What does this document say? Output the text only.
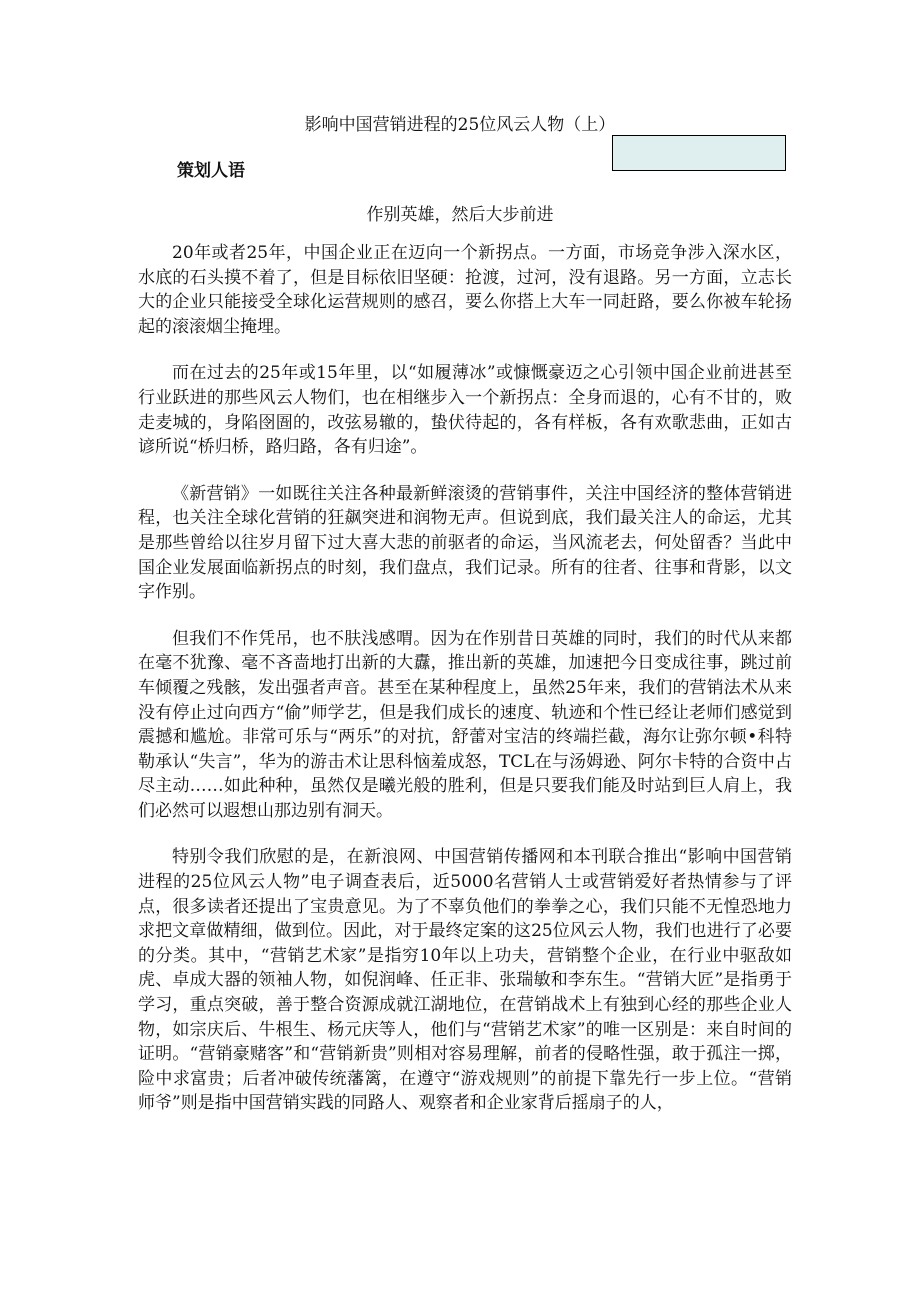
影响中国营销进程的25位风云人物（上）
策划人语
作别英雄，然后大步前进

20年或者25年，中国企业正在迈向一个新拐点。一方面，市场竞争涉入深水区，水底的石头摸不着了，但是目标依旧坚硬：抢渡，过河，没有退路。另一方面，立志长大的企业只能接受全球化运营规则的感召，要么你搭上大车一同赶路，要么你被车轮扬起的滚滚烟尘掩埋。

而在过去的25年或15年里，以“如履薄冰”或慷慨豪迈之心引领中国企业前进甚至行业跃进的那些风云人物们，也在相继步入一个新拐点：全身而退的，心有不甘的，败走麦城的，身陷囹圄的，改弦易辙的，蛰伏待起的，各有样板，各有欢歌悲曲，正如古谚所说“桥归桥，路归路，各有归途”。

《新营销》一如既往关注各种最新鲜滚烫的营销事件，关注中国经济的整体营销进程，也关注全球化营销的狂飙突进和润物无声。但说到底，我们最关注人的命运，尤其是那些曾给以往岁月留下过大喜大悲的前驱者的命运，当风流老去，何处留香？当此中国企业发展面临新拐点的时刻，我们盘点，我们记录。所有的往者、往事和背影，以文字作别。

但我们不作凭吊，也不肤浅感喟。因为在作别昔日英雄的同时，我们的时代从来都在毫不犹豫、毫不吝啬地打出新的大纛，推出新的英雄，加速把今日变成往事，跳过前车倾覆之残骸，发出强者声音。甚至在某种程度上，虽然25年来，我们的营销法术从来没有停止过向西方“偷”师学艺，但是我们成长的速度、轨迹和个性已经让老师们感觉到震撼和尴尬。非常可乐与“两乐”的对抗，舒蕾对宝洁的终端拦截，海尔让弥尔顿•科特勒承认“失言”，华为的游击术让思科恼羞成怒，TCL在与汤姆逊、阿尔卡特的合资中占尽主动……如此种种，虽然仅是曦光般的胜利，但是只要我们能及时站到巨人肩上，我们必然可以遐想山那边别有洞天。

特别令我们欣慰的是，在新浪网、中国营销传播网和本刊联合推出“影响中国营销进程的25位风云人物”电子调查表后，近5000名营销人士或营销爱好者热情参与了评点，很多读者还提出了宝贵意见。为了不辜负他们的拳拳之心，我们只能不无惶恐地力求把文章做精细，做到位。因此，对于最终定案的这25位风云人物，我们也进行了必要的分类。其中，“营销艺术家”是指穷10年以上功夫，营销整个企业，在行业中驱敌如虎、卓成大器的领袖人物，如倪润峰、任正非、张瑞敏和李东生。“营销大匠”是指勇于学习，重点突破，善于整合资源成就江湖地位，在营销战术上有独到心经的那些企业人物，如宗庆后、牛根生、杨元庆等人，他们与“营销艺术家”的唯一区别是：来自时间的证明。“营销豪赌客”和“营销新贵”则相对容易理解，前者的侵略性强，敢于孤注一掷，险中求富贵；后者冲破传统藩篱，在遵守“游戏规则”的前提下靠先行一步上位。“营销师爷”则是指中国营销实践的同路人、观察者和企业家背后摇扇子的人，
